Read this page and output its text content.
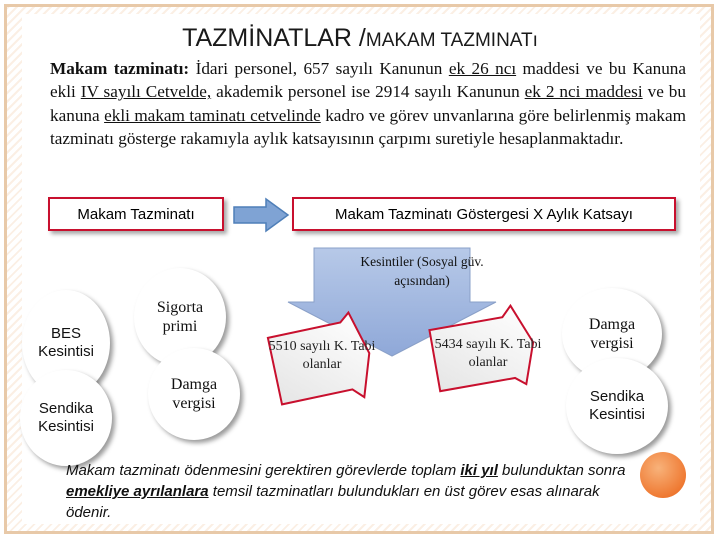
TAZMİNATLAR /MAKAM TAZMINATı
Makam tazminatı: İdari personel, 657 sayılı Kanunun ek 26 ncı maddesi ve bu Kanuna ekli IV sayılı Cetvelde, akademik personel ise 2914 sayılı Kanunun ek 2 nci maddesi ve bu kanuna ekli makam taminatı cetvelinde kadro ve görev unvanlarına göre belirlenmiş makam tazminatı gösterge rakamıyla aylık katsayısının çarpımı suretiyle hesaplanmaktadır.
Makam Tazminatı	Makam Tazminatı Göstergesi X Aylık Katsayı
Kesintiler (Sosyal güv. açısından)
5510 sayılı K. Tabi olanlar
5434 sayılı K. Tabi olanlar
BES Kesintisi
Sendika Kesintisi
Sigorta primi
Damga vergisi
Damga vergisi
Sendika Kesintisi
Makam tazminatı ödenmesini gerektiren görevlerde toplam iki yıl bulunduktan sonra emekliye ayrılanlara temsil tazminatları bulundukları en üst görev esas alınarak ödenir.
